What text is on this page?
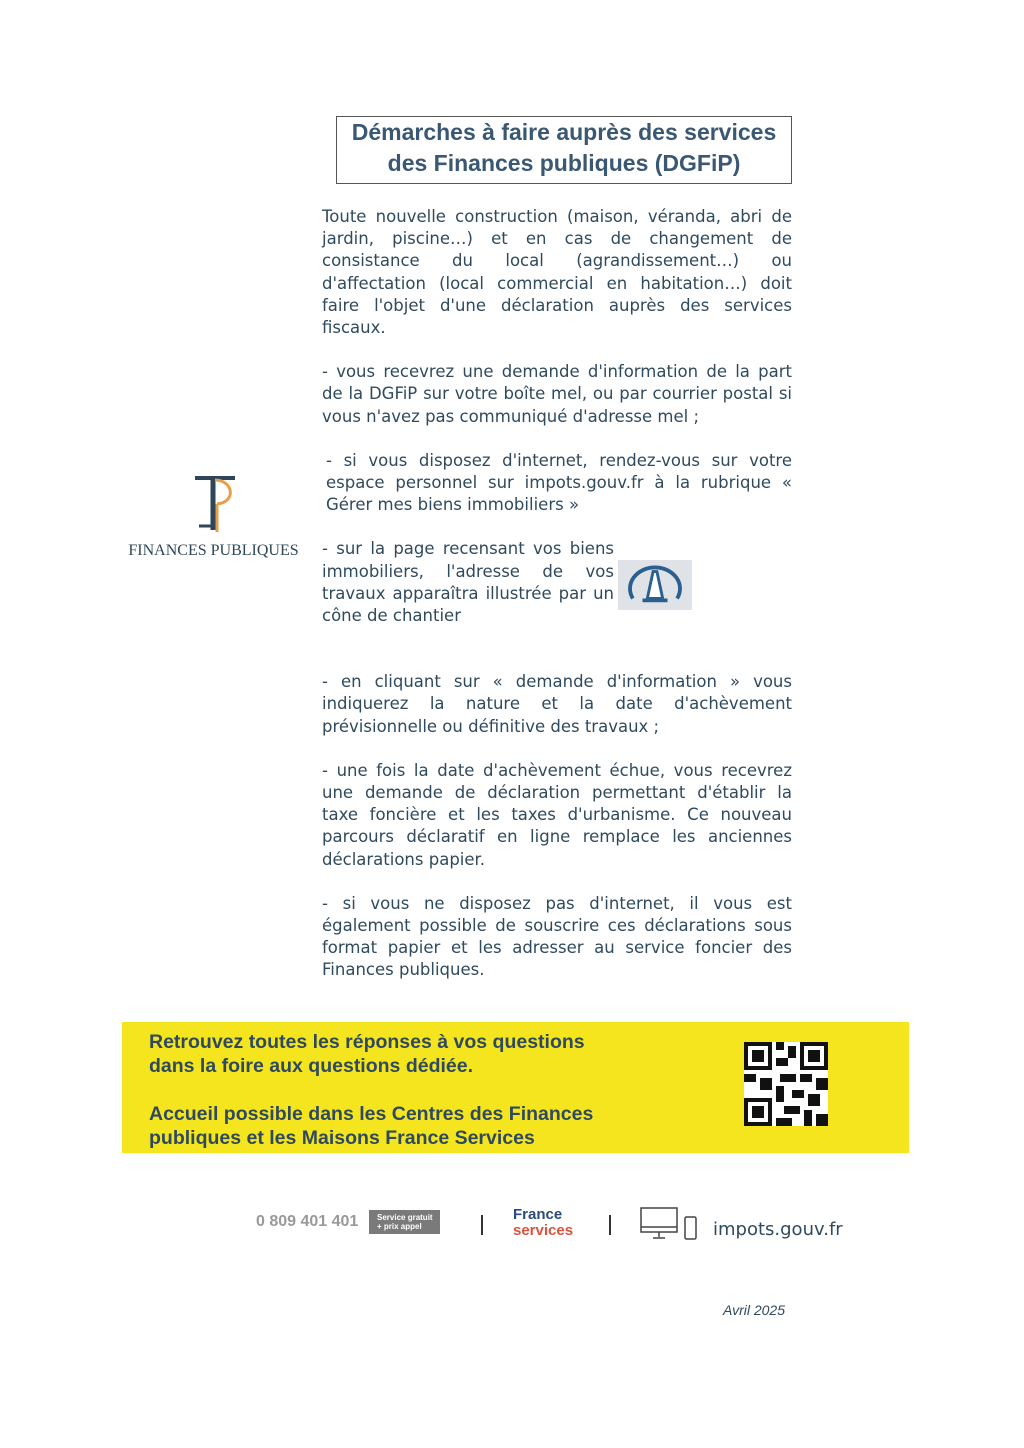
Démarches à faire auprès des services
des Finances publiques (DGFiP)
FINANCES PUBLIQUES

Toute nouvelle construction (maison, véranda, abri de jardin, piscine…) et en cas de changement de consistance du local (agrandissement…) ou d'affectation (local commercial en habitation…) doit faire l'objet d'une déclaration auprès des services fiscaux.

- vous recevrez une demande d'information de la part de la DGFiP sur votre boîte mel, ou par courrier postal si vous n'avez pas communiqué d'adresse mel ;

- si vous disposez d'internet, rendez-vous sur votre espace personnel sur impots.gouv.fr à la rubrique « Gérer mes biens immobiliers »

- sur la page recensant vos biens immobiliers, l'adresse de vos travaux apparaîtra illustrée par un cône de chantier

- en cliquant sur « demande d'information » vous indiquerez la nature et la date d'achèvement prévisionnelle ou définitive des travaux ;

- une fois la date d'achèvement échue, vous recevrez une demande de déclaration permettant d'établir la taxe foncière et les taxes d'urbanisme. Ce nouveau parcours déclaratif en ligne remplace les anciennes déclarations papier.

- si vous ne disposez pas d'internet, il vous est également possible de souscrire ces déclarations sous format papier et les adresser au service foncier des Finances publiques.

Retrouvez toutes les réponses à vos questions
dans la foire aux questions dédiée.

Accueil possible dans les Centres des Finances
publiques et les Maisons France Services

0 809 401 401	Service gratuit
+ prix appel
France
services	impots.gouv.fr
Avril 2025
